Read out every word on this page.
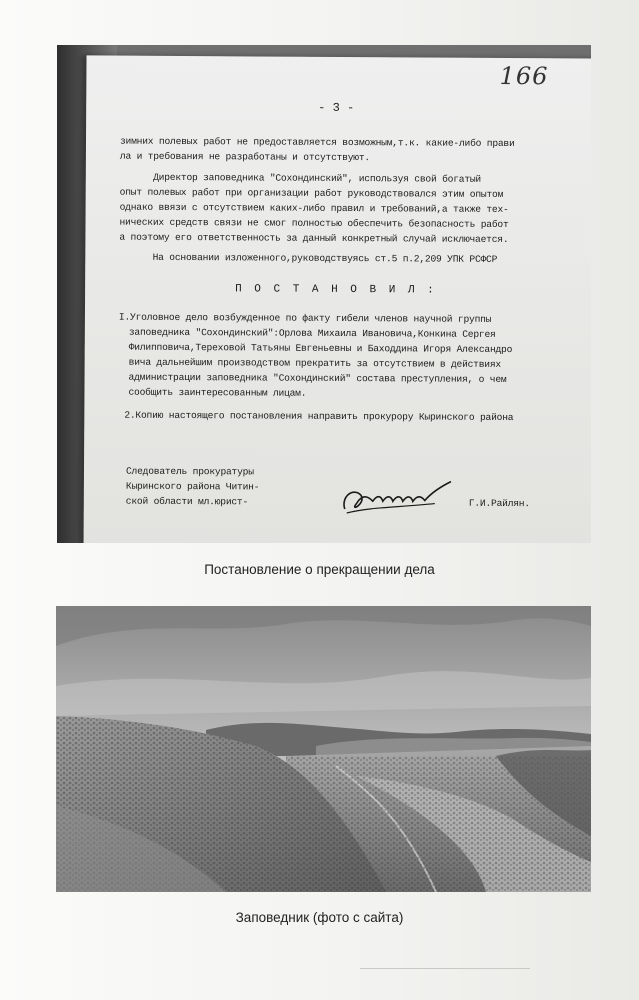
166
- 3 -
зимних полевых работ не предоставляется возможным,т.к. какие-либо прави
ла и требования не разработаны и отсутствуют.
Директор заповедника "Сохондинский", используя свой богатый
опыт полевых работ при организации работ руководствовался этим опытом
однако ввязи с отсутствием каких-либо правил и требований,а также тех-
нических средств связи не смог полностью обеспечить безопасность работ
а поэтому его ответственность за данный конкретный случай исключается.
На основании изложенного,руководствуясь ст.5 п.2,209 УПК РСФСР
П О С Т А Н О В И Л :
I.Уголовное дело возбужденное по факту гибели членов научной группы
заповедника "Сохондинский":Орлова Михаила Ивановича,Конкина Сергея
Филипповича,Тереховой Татьяны Евгеньевны и Баходдина Игоря Александро
вича дальнейшим производством прекратить за отсутствием в действиях
администрации заповедника "Сохондинский" состава преступления, о чем
сообщить заинтересованным лицам.
2.Копию настоящего постановления направить прокурору Кыринского района
Следователь прокуратуры
Кыринского района Читин-
ской области мл.юрист-	Г.И.Райлян.
Постановление о прекращении дела
Заповедник (фото с сайта)
